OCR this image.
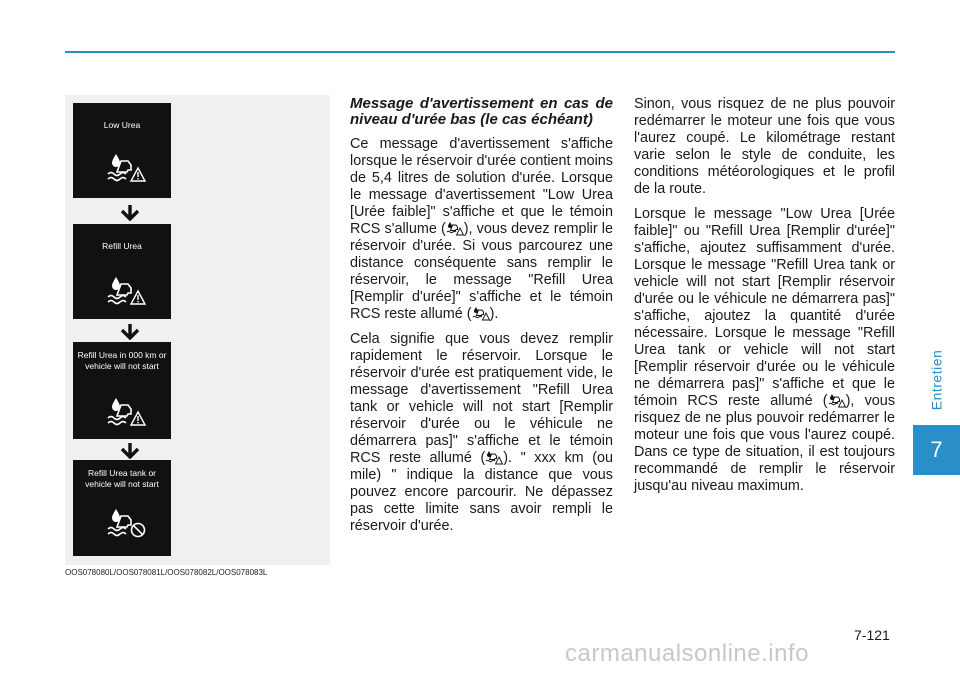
Entretien
7
Low Urea
Refill Urea
Refill Urea in 000 km or vehicle will not start
Refill Urea tank or vehicle will not start
OOS078080L/OOS078081L/OOS078082L/OOS078083L
Message d'avertissement en cas de niveau d'urée bas (le cas échéant)

Ce message d'avertissement s'affiche lorsque le réservoir d'urée contient moins de 5,4 litres de solution d'urée. Lorsque le message d'avertissement "Low Urea [Urée faible]" s'affiche et que le témoin RCS s'allume ( ), vous devez remplir le réservoir d'urée. Si vous parcourez une distance conséquente sans remplir le réservoir, le message "Refill Urea [Remplir d'urée]" s'affiche et le témoin RCS reste allumé ( ).

Cela signifie que vous devez remplir rapidement le réservoir. Lorsque le réservoir d'urée est pratiquement vide, le message d'avertissement "Refill Urea tank or vehicle will not start [Remplir réservoir d'urée ou le véhicule ne démarrera pas]" s'affiche et le témoin RCS reste allumé ( ). " xxx km (ou mile) " indique la distance que vous pouvez encore parcourir. Ne dépassez pas cette limite sans avoir rempli le réservoir d'urée.

Sinon, vous risquez de ne plus pouvoir redémarrer le moteur une fois que vous l'aurez coupé. Le kilométrage restant varie selon le style de conduite, les conditions météorologiques et le profil de la route.

Lorsque le message "Low Urea [Urée faible]" ou "Refill Urea [Remplir d'urée]" s'affiche, ajoutez suffisamment d'urée. Lorsque le message "Refill Urea tank or vehicle will not start [Remplir réservoir d'urée ou le véhicule ne démarrera pas]" s'affiche, ajoutez la quantité d'urée nécessaire. Lorsque le message "Refill Urea tank or vehicle will not start [Remplir réservoir d'urée ou le véhicule ne démarrera pas]" s'affiche et que le témoin RCS reste allumé ( ), vous risquez de ne plus pouvoir redémarrer le moteur une fois que vous l'aurez coupé. Dans ce type de situation, il est toujours recommandé de remplir le réservoir jusqu'au niveau maximum.

7-121
carmanualsonline.info
